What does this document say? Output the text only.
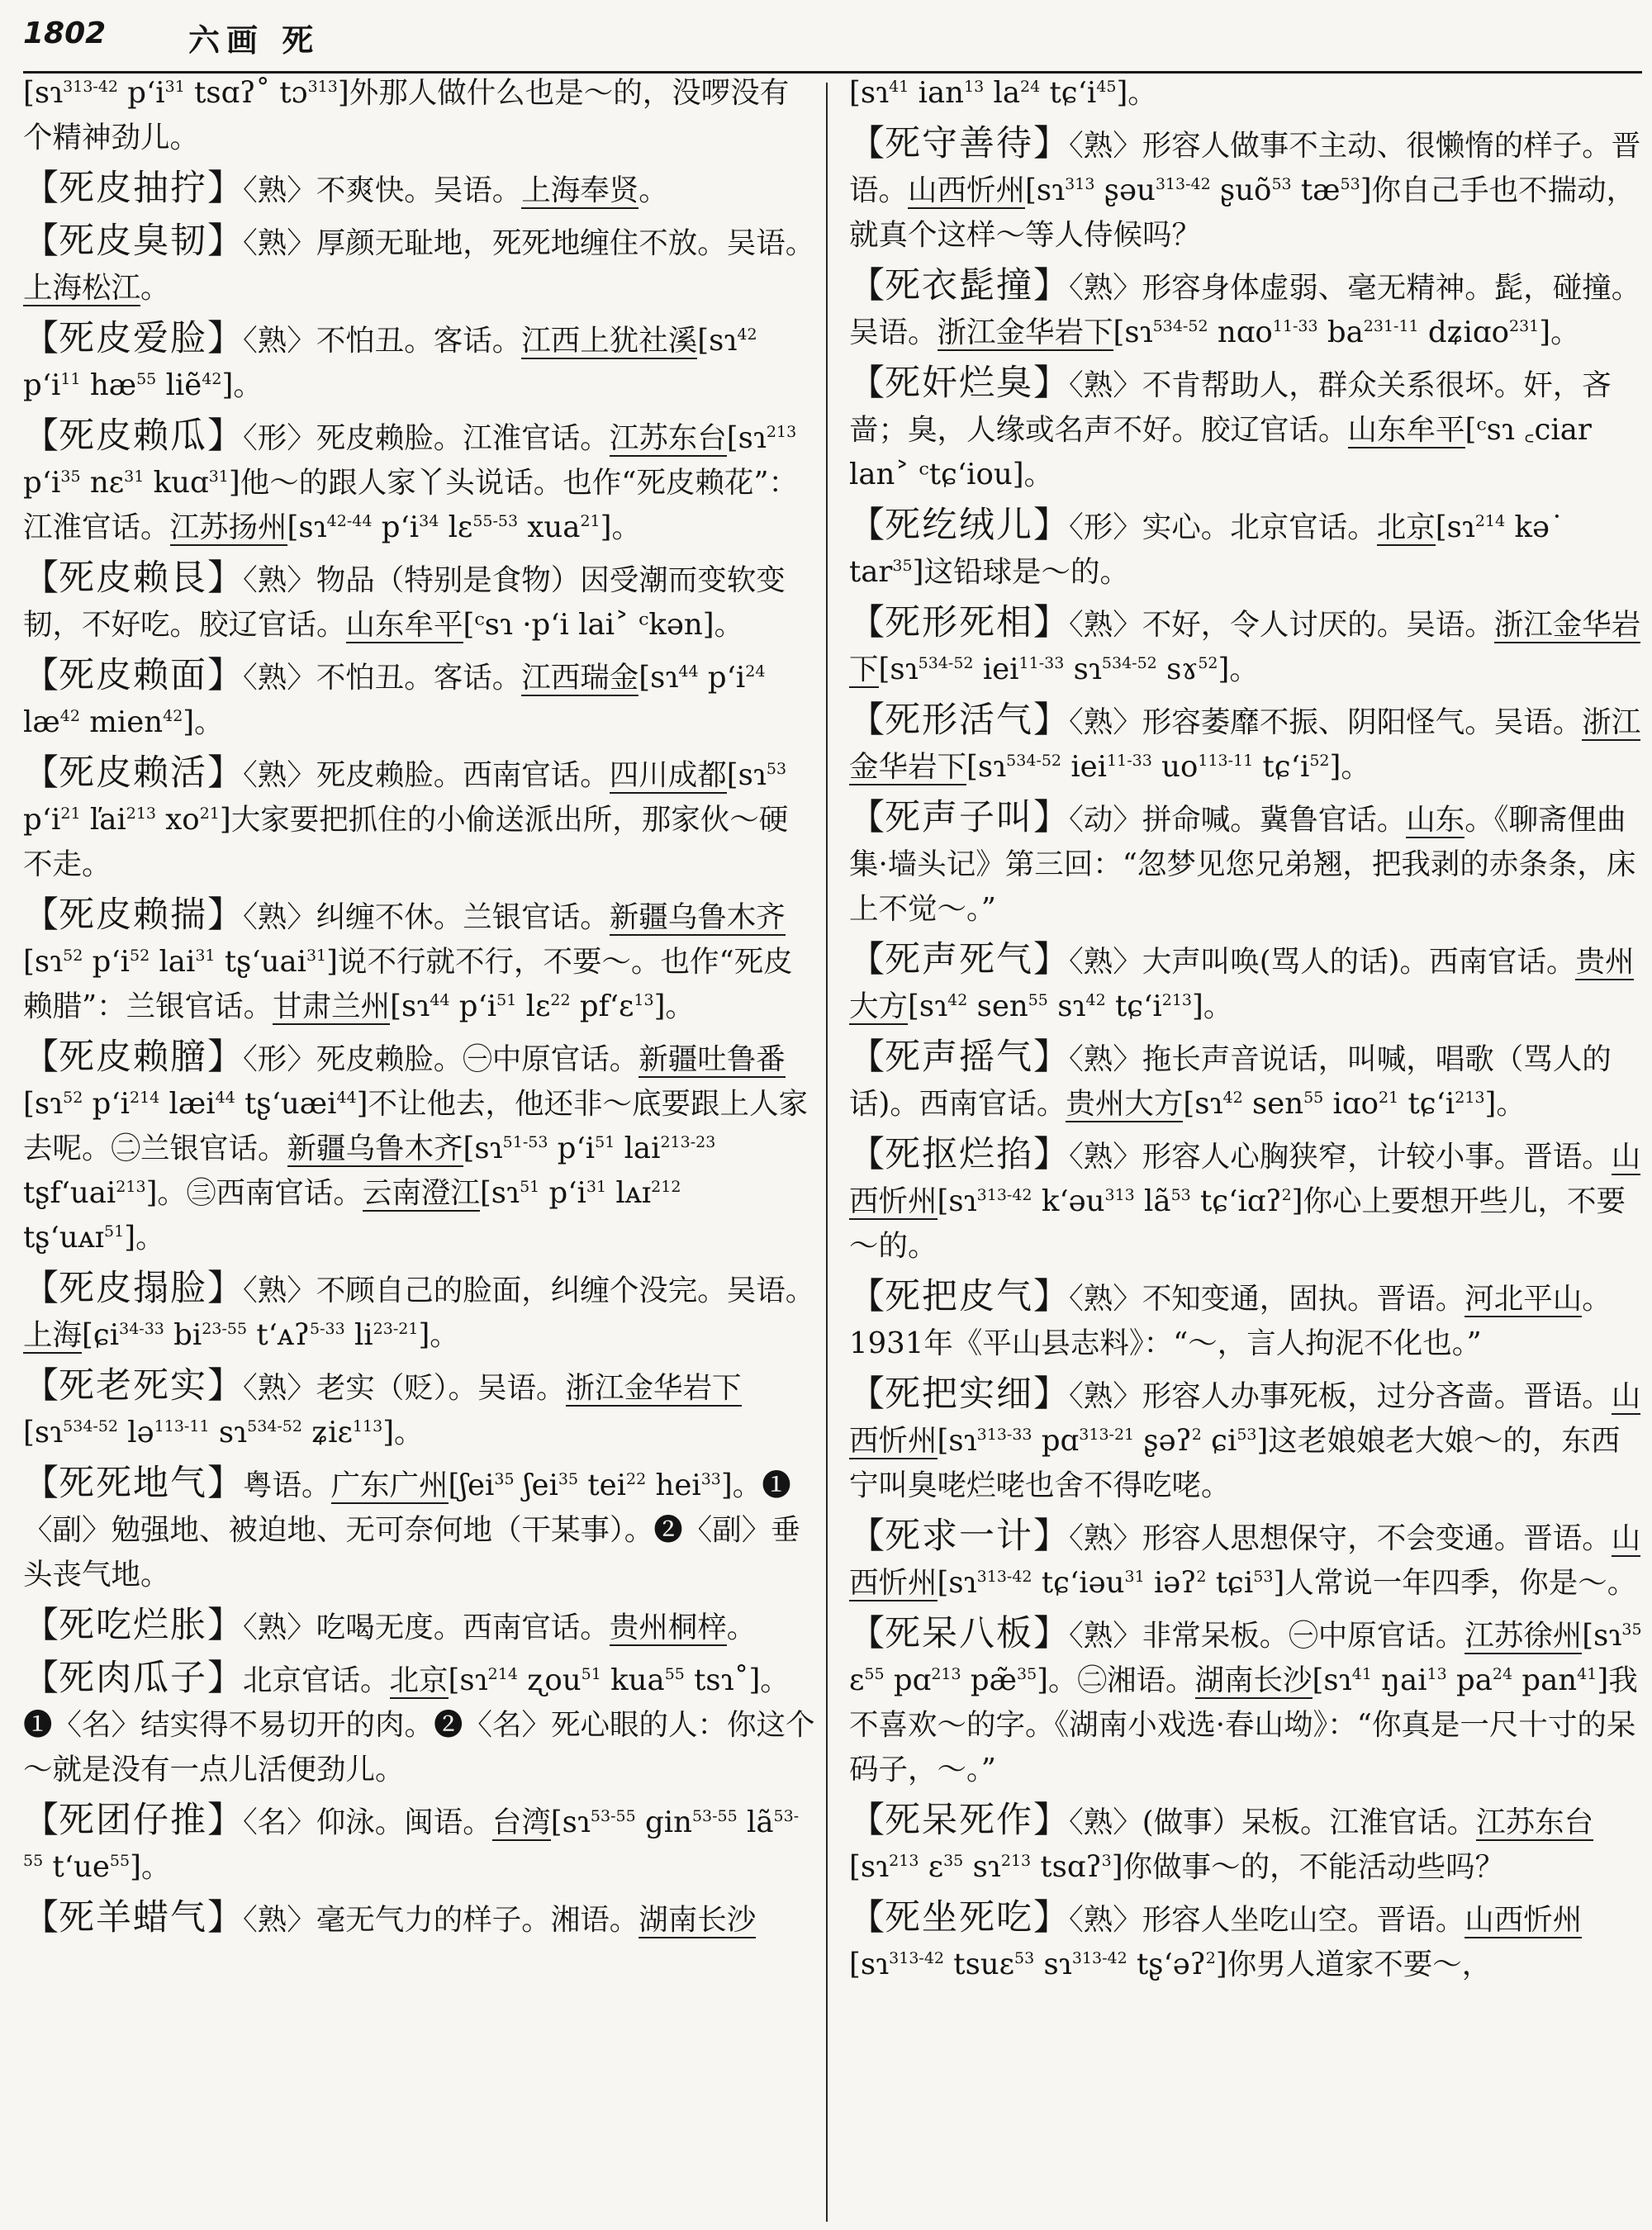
1802	六画 死

[sɿ$^{313-42}$ $p‘i^{31}$ tsɑʔ˚ tɔ$^{313}$]外那人做什么也是～的，没啰没有个精神劲儿。

【死皮抽拧】〈熟〉不爽快。吴语。上海奉贤。

【死皮臭韧】〈熟〉厚颜无耻地，死死地缠住不放。吴语。上海松江。

【死皮爱脸】〈熟〉不怕丑。客话。江西上犹社溪[sɿ$^{42}$ $p‘i^{11}$ $hæ^{55}$ liẽ$^{42}$]。

【死皮赖瓜】〈形〉死皮赖脸。江淮官话。江苏东台[sɿ$^{213}$ $p‘i^{35}$ nɛ$^{31}$ kuɑ$^{31}$]他～的跟人家丫头说话。也作“死皮赖花”：江淮官话。江苏扬州[sɿ$^{42-44}$ $p‘i^{34}$ lɛ$^{55-53}$ xua$^{21}$]。

【死皮赖艮】〈熟〉物品（特别是食物）因受潮而变软变韧，不好吃。胶辽官话。山东牟平[ᶜsɿ ·p‘i lai˃ ᶜkən]。

【死皮赖面】〈熟〉不怕丑。客话。江西瑞金[sɿ$^{44}$ $p‘i^{24}$ $læ^{42}$ mien$^{42}$]。

【死皮赖活】〈熟〉死皮赖脸。西南官话。四川成都[sɿ$^{53}$ $p‘i^{21}$ ľai$^{213}$ $xo^{21}$]大家要把抓住的小偷送派出所，那家伙～硬不走。

【死皮赖揣】〈熟〉纠缠不休。兰银官话。新疆乌鲁木齐[sɿ$^{52}$ $p‘i^{52}$ lai$^{31}$ tʂ‘uai$^{31}$]说不行就不行，不要～。也作“死皮赖腊”：兰银官话。甘肃兰州[sɿ$^{44}$ $p‘i^{51}$ lɛ$^{22}$ pf‘ɛ$^{13}$]。

【死皮赖膪】〈形〉死皮赖脸。㊀中原官话。新疆吐鲁番[sɿ$^{52}$ $p‘i^{214}$ læi$^{44}$ tʂ‘uæi$^{44}$]不让他去，他还非～底要跟上人家去呢。㊁兰银官话。新疆乌鲁木齐[sɿ$^{51-53}$ $p‘i^{51}$ lai$^{213-23}$ tʂf‘uai$^{213}$]。㊂西南官话。云南澄江[sɿ$^{51}$ $p‘i^{31}$ lᴀɪ$^{212}$ tʂ‘uᴀɪ$^{51}$]。

【死皮搨脸】〈熟〉不顾自己的脸面，纠缠个没完。吴语。上海[ɕi$^{34-33}$ $bi^{23-55}$ t‘ᴀʔ$^{5-33}$ $li^{23-21}$]。

【死老死实】〈熟〉老实（贬）。吴语。浙江金华岩下[sɿ$^{534-52}$ lə$^{113-11}$ sɿ$^{534-52}$ ʑiɛ$^{113}$]。

【死死地气】粤语。广东广州[ʃei$^{35}$ ʃei$^{35}$ tei$^{22}$ hei$^{33}$]。❶〈副〉勉强地、被迫地、无可奈何地（干某事）。❷〈副〉垂头丧气地。

【死吃烂胀】〈熟〉吃喝无度。西南官话。贵州桐梓。

【死肉瓜子】北京官话。北京[sɿ$^{214}$ ʐou$^{51}$ kua$^{55}$ tsɿ˚]。❶〈名〉结实得不易切开的肉。❷〈名〉死心眼的人：你这个～就是没有一点儿活便劲儿。

【死团仔推】〈名〉仰泳。闽语。台湾[sɿ$^{53-55}$ gin$^{53-55}$ $lã^{53-55}$ $t‘ue^{55}$]。

【死羊蜡气】〈熟〉毫无气力的样子。湘语。湖南长沙

[sɿ$^{41}$ ian$^{13}$ $la^{24}$ $tɕ‘i^{45}$]。

【死守善待】〈熟〉形容人做事不主动、很懒惰的样子。晋语。山西忻州[sɿ$^{313}$ ʂəu$^{313-42}$ ʂuõ$^{53}$ $tæ^{53}$]你自己手也不揣动，就真个这样～等人侍候吗？

【死衣髭撞】〈熟〉形容身体虚弱、毫无精神。髭，碰撞。吴语。浙江金华岩下[sɿ$^{534-52}$ nɑo$^{11-33}$ $ba^{231-11}$ dʑiɑo$^{231}$]。

【死奸烂臭】〈熟〉不肯帮助人，群众关系很坏。奸，吝啬；臭，人缘或名声不好。胶辽官话。山东牟平[ᶜsɿ ꜀ciar lan˃ ᶜtɕ‘iou]。

【死纥绒儿】〈形〉实心。北京官话。北京[sɿ$^{214}$ kə˙ tar$^{35}$]这铅球是～的。

【死形死相】〈熟〉不好，令人讨厌的。吴语。浙江金华岩下[sɿ$^{534-52}$ iei$^{11-33}$ sɿ$^{534-52}$ sɤ$^{52}$]。

【死形活气】〈熟〉形容萎靡不振、阴阳怪气。吴语。浙江金华岩下[sɿ$^{534-52}$ iei$^{11-33}$ $uo^{113-11}$ $tɕ‘i^{52}$]。

【死声子叫】〈动〉拼命喊。冀鲁官话。山东。《聊斋俚曲集·墙头记》第三回：“忽梦见您兄弟翘，把我剥的赤条条，床上不觉～。”

【死声死气】〈熟〉大声叫唤(骂人的话)。西南官话。贵州大方[sɿ$^{42}$ sen$^{55}$ sɿ$^{42}$ $tɕ‘i^{213}$]。

【死声摇气】〈熟〉拖长声音说话，叫喊，唱歌（骂人的话)。西南官话。贵州大方[sɿ$^{42}$ sen$^{55}$ iɑo$^{21}$ $tɕ‘i^{213}$]。

【死抠烂掐】〈熟〉形容人心胸狭窄，计较小事。晋语。山西忻州[sɿ$^{313-42}$ k‘əu$^{313}$ $lã^{53}$ tɕ‘iɑʔ$^2$]你心上要想开些儿，不要～的。

【死把皮气】〈熟〉不知变通，固执。晋语。河北平山。1931年《平山县志料》：“～，言人拘泥不化也。”

【死把实细】〈熟〉形容人办事死板，过分吝啬。晋语。山西忻州[sɿ$^{313-33}$ pɑ$^{313-21}$ ʂəʔ$^2$ ɕi$^{53}$]这老娘娘老大娘～的，东西宁叫臭咾烂咾也舍不得吃咾。

【死求一计】〈熟〉形容人思想保守，不会变通。晋语。山西忻州[sɿ$^{313-42}$ tɕ‘iəu$^{31}$ iəʔ$^2$ tɕi$^{53}$]人常说一年四季，你是～。

【死呆八板】〈熟〉非常呆板。㊀中原官话。江苏徐州[sɿ$^{35}$ ɛ$^{55}$ pɑ$^{213}$ pæ̃$^{35}$]。㊁湘语。湖南长沙[sɿ$^{41}$ ŋai$^{13}$ $pa^{24}$ pan$^{41}$]我不喜欢～的字。《湖南小戏选·春山坳》：“你真是一尺十寸的呆码子，～。”

【死呆死作】〈熟〉(做事）呆板。江淮官话。江苏东台[sɿ$^{213}$ ɛ$^{35}$ sɿ$^{213}$ tsɑʔ$^3$]你做事～的，不能活动些吗？

【死坐死吃】〈熟〉形容人坐吃山空。晋语。山西忻州[sɿ$^{313-42}$ tsuɛ$^{53}$ sɿ$^{313-42}$ tʂ‘əʔ$^2$]你男人道家不要～，
